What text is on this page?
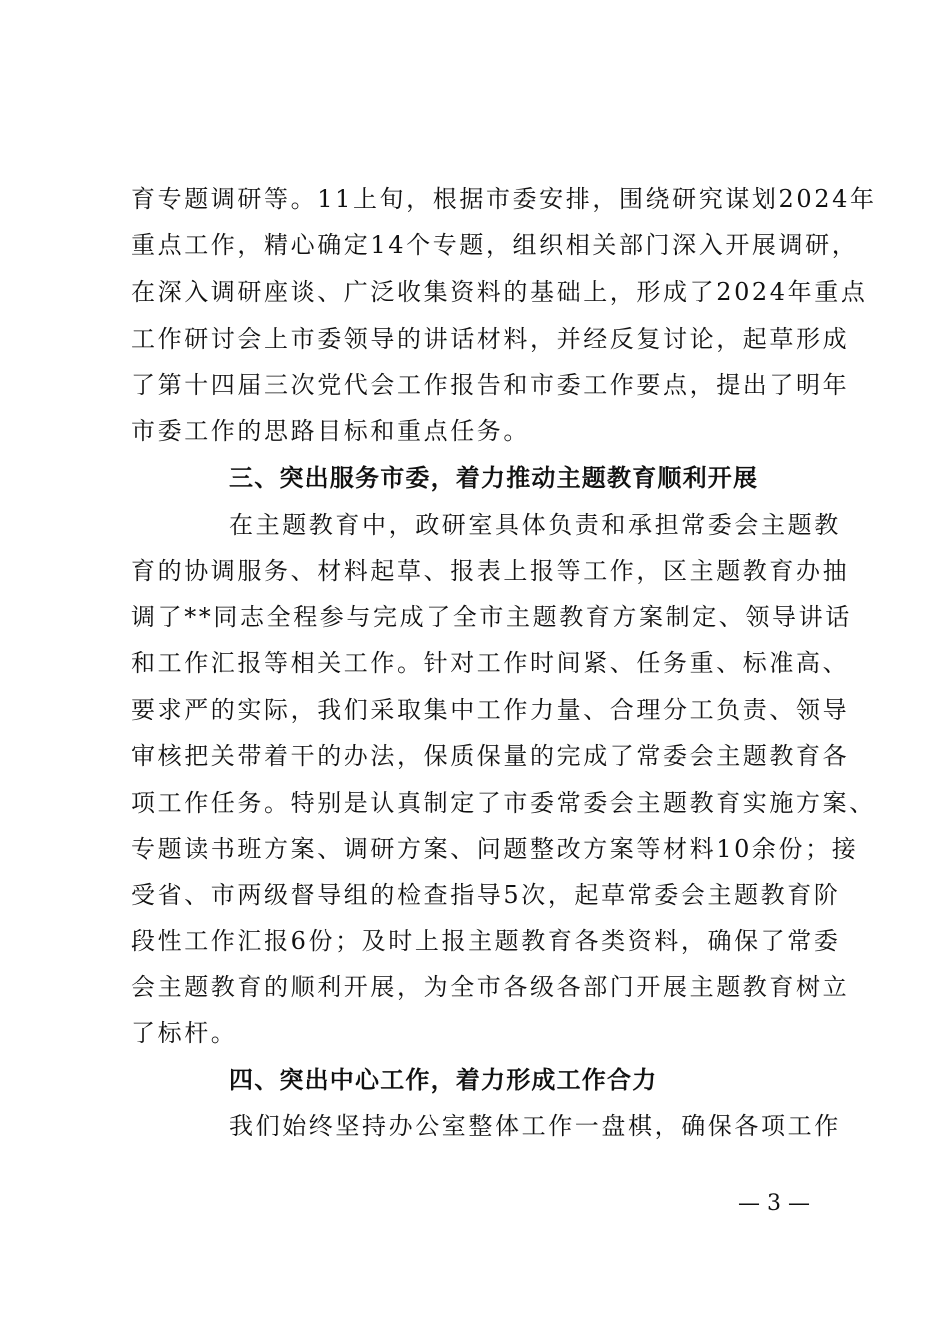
育专题调研等。11上旬，根据市委安排，围绕研究谋划2024年
重点工作，精心确定14个专题，组织相关部门深入开展调研，
在深入调研座谈、广泛收集资料的基础上，形成了2024年重点
工作研讨会上市委领导的讲话材料，并经反复讨论，起草形成
了第十四届三次党代会工作报告和市委工作要点，提出了明年
市委工作的思路目标和重点任务。
三、突出服务市委，着力推动主题教育顺利开展
在主题教育中，政研室具体负责和承担常委会主题教
育的协调服务、材料起草、报表上报等工作，区主题教育办抽
调了**同志全程参与完成了全市主题教育方案制定、领导讲话
和工作汇报等相关工作。针对工作时间紧、任务重、标准高、
要求严的实际，我们采取集中工作力量、合理分工负责、领导
审核把关带着干的办法，保质保量的完成了常委会主题教育各
项工作任务。特别是认真制定了市委常委会主题教育实施方案、
专题读书班方案、调研方案、问题整改方案等材料10余份；接
受省、市两级督导组的检查指导5次，起草常委会主题教育阶
段性工作汇报6份；及时上报主题教育各类资料，确保了常委
会主题教育的顺利开展，为全市各级各部门开展主题教育树立
了标杆。
四、突出中心工作，着力形成工作合力
我们始终坚持办公室整体工作一盘棋，确保各项工作
— 3 —
